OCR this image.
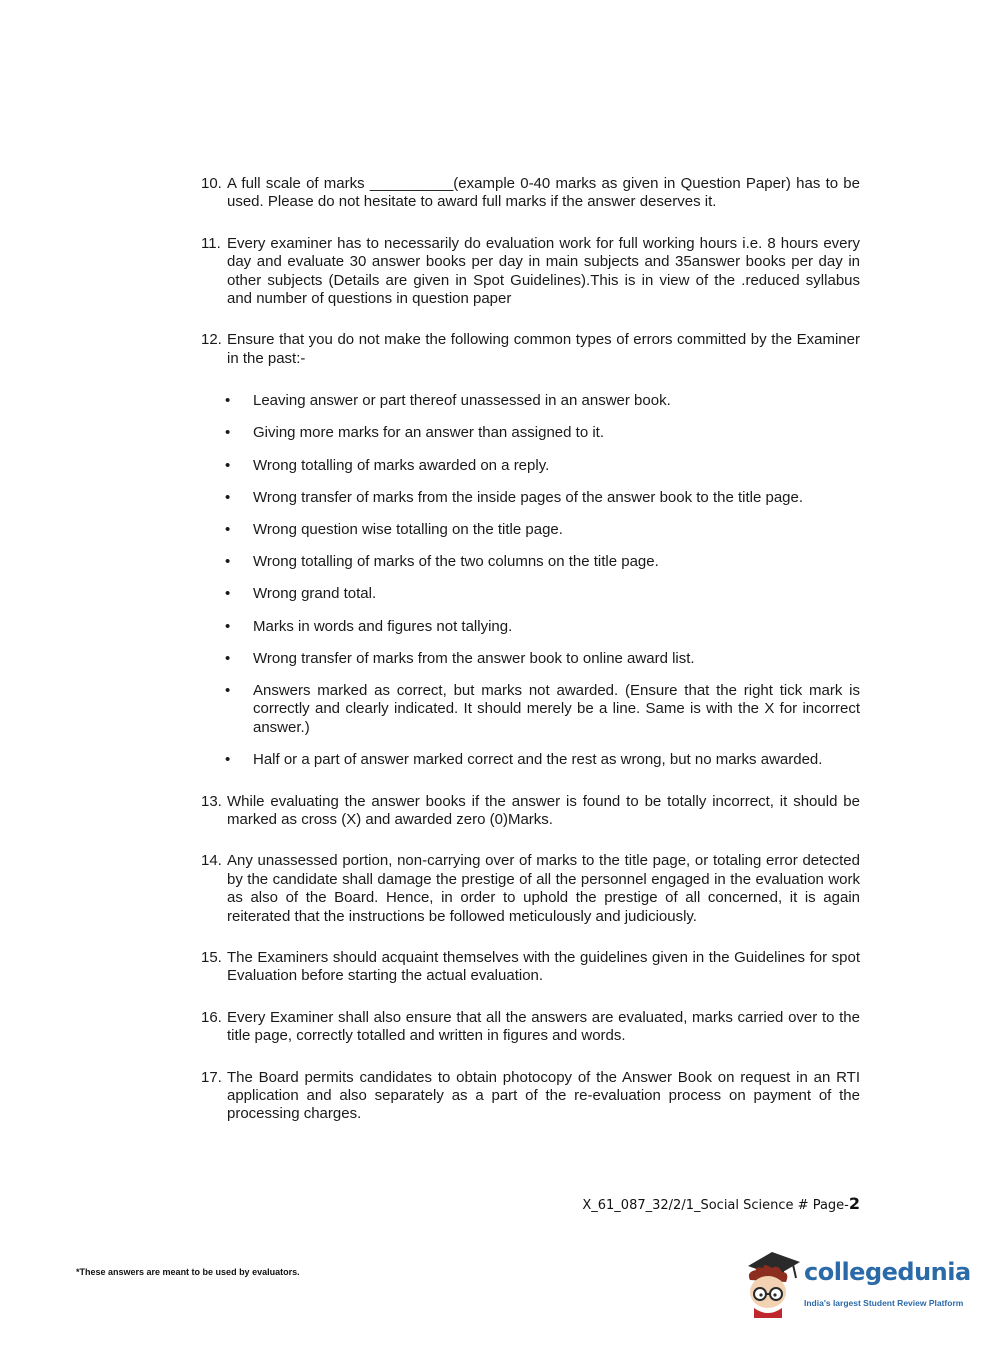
10. A full scale of marks __________(example 0-40 marks as given in Question Paper) has to be used. Please do not hesitate to award full marks if the answer deserves it.
11. Every examiner has to necessarily do evaluation work for full working hours i.e. 8 hours every day and evaluate 30 answer books per day in main subjects and 35answer books per day in other subjects (Details are given in Spot Guidelines).This is in view of the .reduced syllabus and number of questions in question paper
12. Ensure that you do not make the following common types of errors committed by the Examiner in the past:-
• Leaving answer or part thereof unassessed in an answer book.
• Giving more marks for an answer than assigned to it.
• Wrong totalling of marks awarded on a reply.
• Wrong transfer of marks from the inside pages of the answer book to the title page.
• Wrong question wise totalling on the title page.
• Wrong totalling of marks of the two columns on the title page.
• Wrong grand total.
• Marks in words and figures not tallying.
• Wrong transfer of marks from the answer book to online award list.
• Answers marked as correct, but marks not awarded. (Ensure that the right tick mark is correctly and clearly indicated. It should merely be a line. Same is with the X for incorrect answer.)
• Half or a part of answer marked correct and the rest as wrong, but no marks awarded.
13. While evaluating the answer books if the answer is found to be totally incorrect, it should be marked as cross (X) and awarded zero (0)Marks.
14. Any unassessed portion, non-carrying over of marks to the title page, or totaling error detected by the candidate shall damage the prestige of all the personnel engaged in the evaluation work as also of the Board. Hence, in order to uphold the prestige of all concerned, it is again reiterated that the instructions be followed meticulously and judiciously.
15. The Examiners should acquaint themselves with the guidelines given in the Guidelines for spot Evaluation before starting the actual evaluation.
16. Every Examiner shall also ensure that all the answers are evaluated, marks carried over to the title page, correctly totalled and written in figures and words.
17. The Board permits candidates to obtain photocopy of the Answer Book on request in an RTI application and also separately as a part of the re-evaluation process on payment of the processing charges.
X_61_087_32/2/1_Social Science # Page-2
*These answers are meant to be used by evaluators.	collegedunia
India's largest Student Review Platform
